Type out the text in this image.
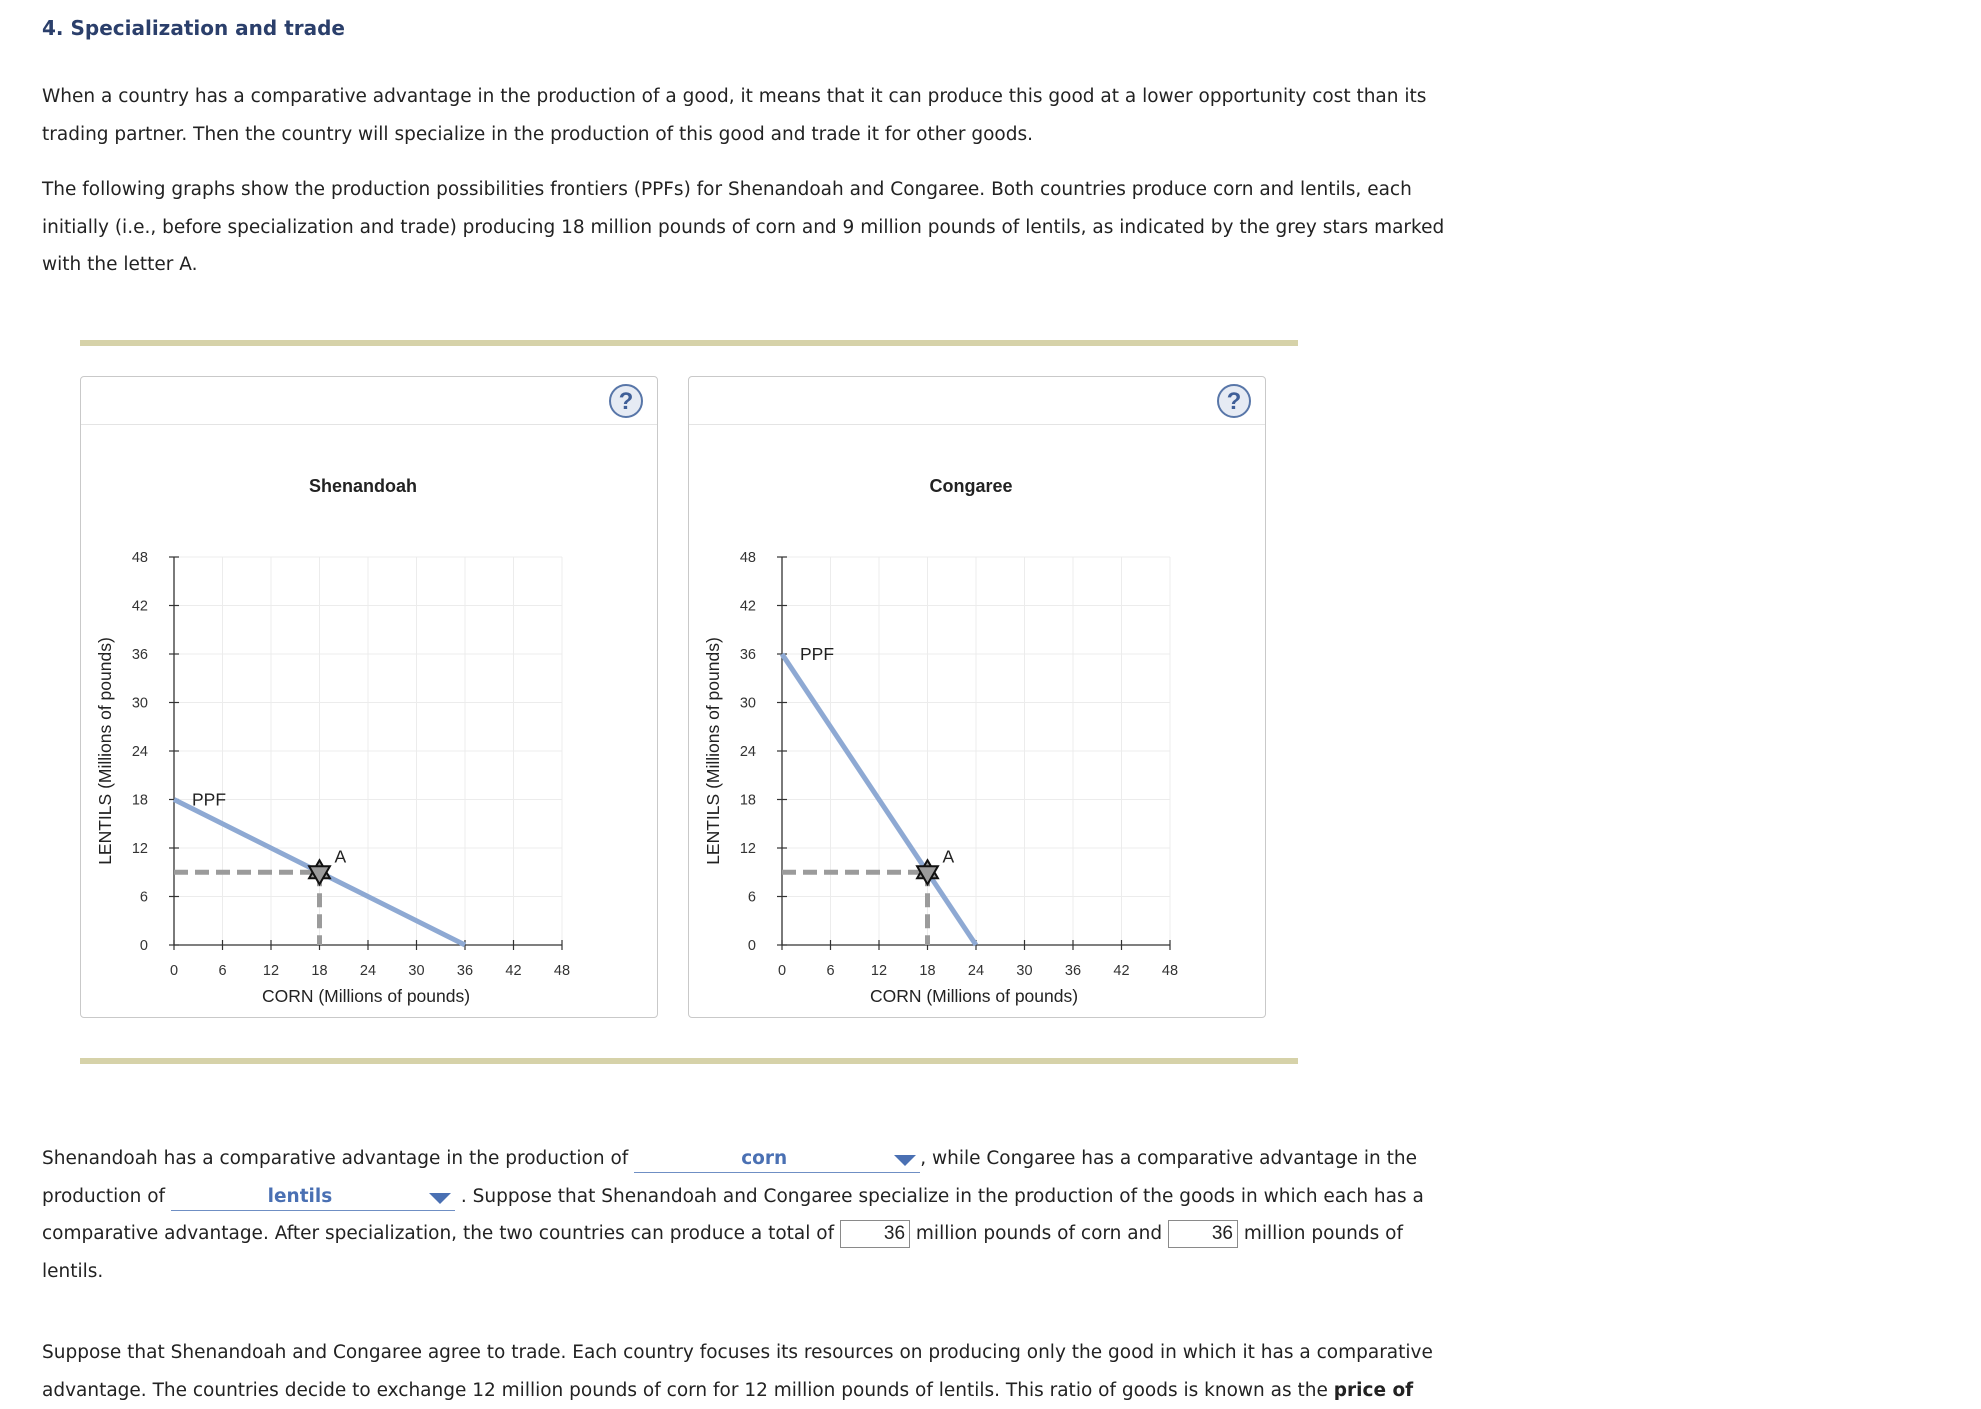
4. Specialization and trade

When a country has a comparative advantage in the production of a good, it means that it can produce this good at a lower opportunity cost than its
trading partner. Then the country will specialize in the production of this good and trade it for other goods.

The following graphs show the production possibilities frontiers (PPFs) for Shenandoah and Congaree. Both countries produce corn and lentils, each
initially (i.e., before specialization and trade) producing 18 million pounds of corn and 9 million pounds of lentils, as indicated by the grey stars marked
with the letter A.

?
Shenandoah
0	6	12 18 24 30 36 42 48
0
6
12
18
24
30
36
42
48
CORN (Millions of pounds)
LENTILS (Millions of pounds)	PPF
A
?
Congaree
0	6	12 18 24 30 36 42 48
0
6
12
18
24
30
36
42
48
CORN (Millions of pounds)
LENTILS (Millions of pounds)	PPF
A
Shenandoah has a comparative advantage in the production of	corn	, while Congaree has a comparative advantage in the
production of	lentils	. Suppose that Shenandoah and Congaree specialize in the production of the goods in which each has a
comparative advantage. After specialization, the two countries can produce a total of	36 million pounds of corn and	36 million pounds of
lentils.

Suppose that Shenandoah and Congaree agree to trade. Each country focuses its resources on producing only the good in which it has a comparative
advantage. The countries decide to exchange 12 million pounds of corn for 12 million pounds of lentils. This ratio of goods is known as the price of
